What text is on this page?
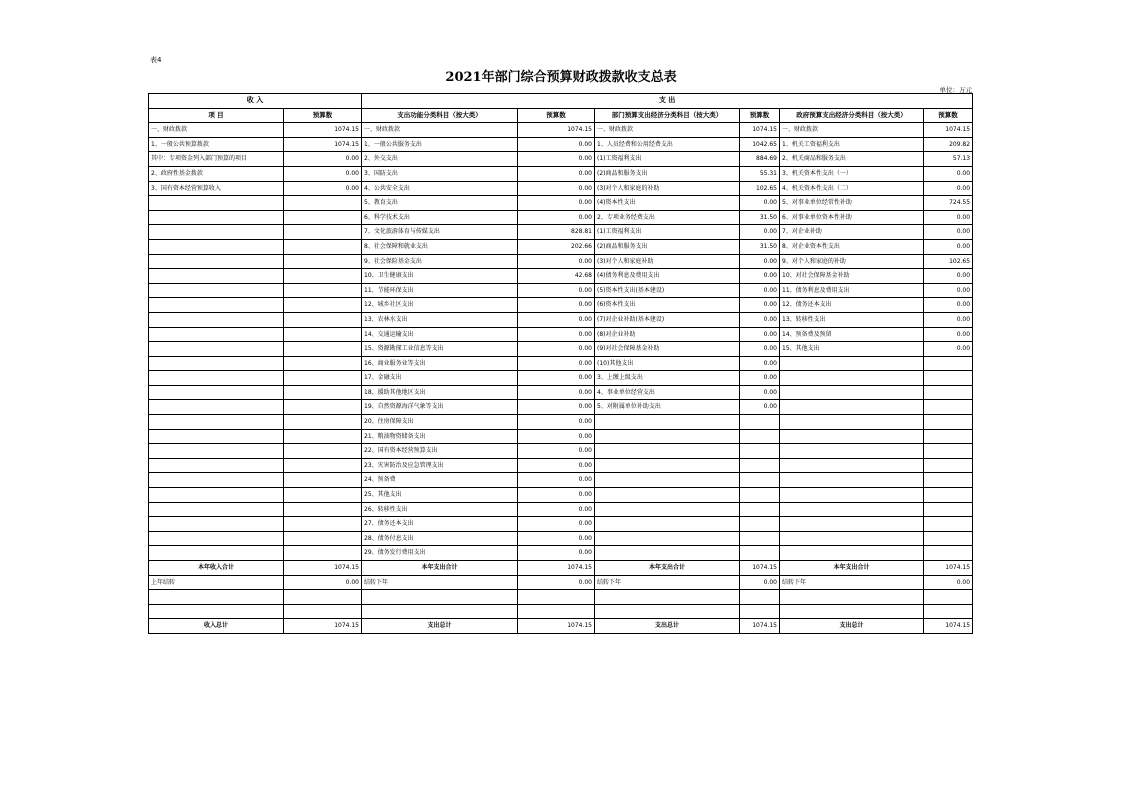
表4
2021年部门综合预算财政拨款收支总表
单位：万元
收 入		支 出					
项 目	预算数	支出功能分类科目（按大类）	预算数	部门预算支出经济分类科目（按大类）	预算数	政府预算支出经济分类科目（按大类）	预算数
一、财政拨款	1074.15	一、财政拨款	1074.15	一、财政拨款	1074.15	一、财政拨款	1074.15
1、一般公共预算拨款	1074.15	1、一般公共服务支出	0.00	1、人员经费和公用经费支出	1042.65	1、机关工资福利支出	209.82
其中：专项资金列入部门预算的项目	0.00	2、外交支出	0.00	(1)工资福利支出	884.69	2、机关商品和服务支出	57.13
2、政府性基金拨款	0.00	3、国防支出	0.00	(2)商品和服务支出	55.31	3、机关资本性支出（一）	0.00
3、国有资本经营预算收入	0.00	4、公共安全支出	0.00	(3)对个人和家庭的补助	102.65	4、机关资本性支出（二）	0.00
		5、教育支出	0.00	(4)资本性支出	0.00	5、对事业单位经常性补助	724.55
		6、科学技术支出	0.00	2、专项业务经费支出	31.50	6、对事业单位资本性补助	0.00
		7、文化旅游体育与传媒支出	828.81	(1)工资福利支出	0.00	7、对企业补助	0.00
		8、社会保障和就业支出	202.66	(2)商品和服务支出	31.50	8、对企业资本性支出	0.00
		9、社会保险基金支出	0.00	(3)对个人和家庭补助	0.00	9、对个人和家庭的补助	102.65
		10、卫生健康支出	42.68	(4)债务利息及费用支出	0.00	10、对社会保障基金补助	0.00
		11、节能环保支出	0.00	(5)资本性支出(基本建设)	0.00	11、债务利息及费用支出	0.00
		12、城乡社区支出	0.00	(6)资本性支出	0.00	12、债务还本支出	0.00
		13、农林水支出	0.00	(7)对企业补助(基本建设)	0.00	13、转移性支出	0.00
		14、交通运输支出	0.00	(8)对企业补助	0.00	14、预备费及预留	0.00
		15、资源勘探工业信息等支出	0.00	(9)对社会保障基金补助	0.00	15、其他支出	0.00
		16、商业服务业等支出	0.00	(10)其他支出	0.00		
		17、金融支出	0.00	3、上缴上级支出	0.00		
		18、援助其他地区支出	0.00	4、事业单位经营支出	0.00		
		19、自然资源海洋气象等支出	0.00	5、对附属单位补助支出	0.00		
		20、住房保障支出	0.00				
		21、粮油物资储备支出	0.00				
		22、国有资本经营预算支出	0.00				
		23、灾害防治及应急管理支出	0.00				
		24、预备费	0.00				
		25、其他支出	0.00				
		26、转移性支出	0.00				
		27、债务还本支出	0.00				
		28、债务付息支出	0.00				
		29、债务发行费用支出	0.00				
本年收入合计	1074.15	本年支出合计	1074.15	本年支出合计	1074.15	本年支出合计	1074.15
上年结转	0.00	结转下年	0.00	结转下年	0.00	结转下年	0.00

收入总计	1074.15	支出总计	1074.15	支出总计	1074.15	支出总计	1074.15
